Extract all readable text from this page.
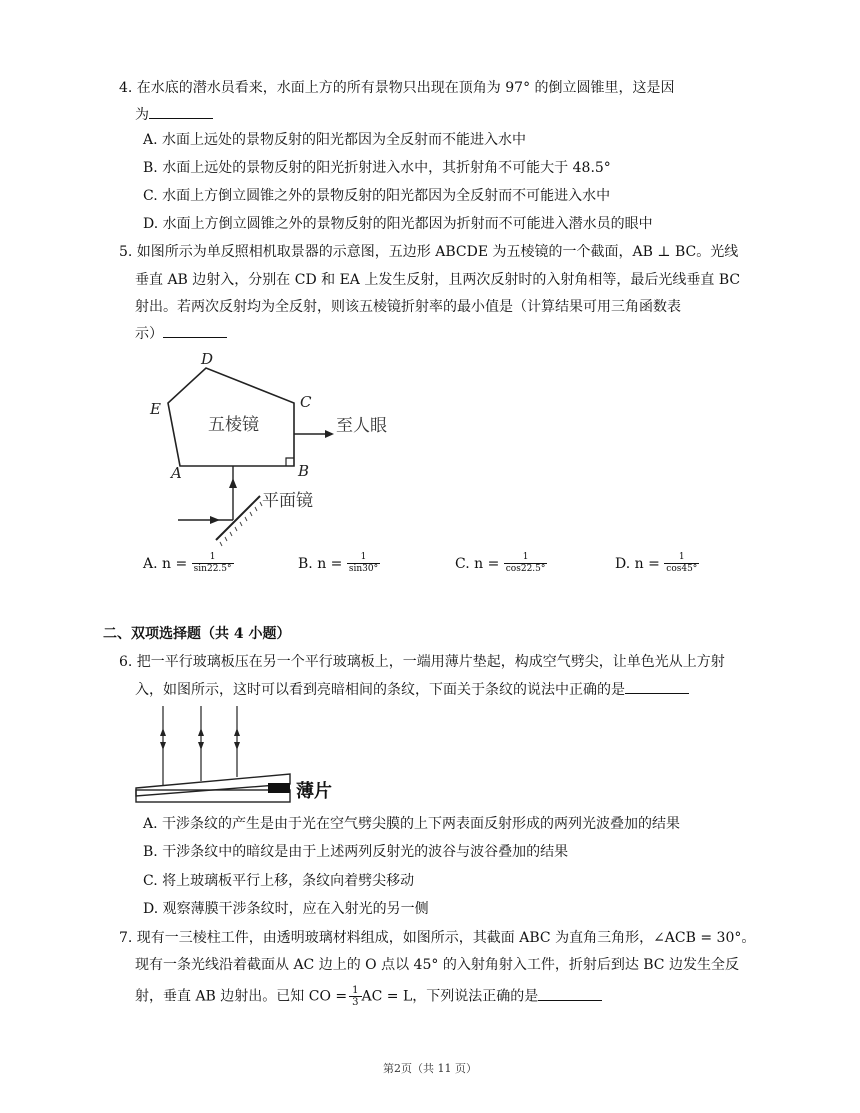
4. 在水底的潜水员看来，水面上方的所有景物只出现在顶角为 97° 的倒立圆锥里，这是因
为
A. 水面上远处的景物反射的阳光都因为全反射而不能进入水中
B. 水面上远处的景物反射的阳光折射进入水中，其折射角不可能大于 48.5°
C. 水面上方倒立圆锥之外的景物反射的阳光都因为全反射而不可能进入水中
D. 水面上方倒立圆锥之外的景物反射的阳光都因为折射而不可能进入潜水员的眼中
5. 如图所示为单反照相机取景器的示意图，五边形 ABCDE 为五棱镜的一个截面，AB ⊥ BC。光线
垂直 AB 边射入，分别在 CD 和 EA 上发生反射，且两次反射时的入射角相等，最后光线垂直 BC
射出。若两次反射均为全反射，则该五棱镜折射率的最小值是（计算结果可用三角函数表
示）
D
E	C
A	B
五棱镜	至人眼
平面镜
A. $n = \frac{1}{\sin 22.5^\circ}$	B. $n = \frac{1}{\sin 30^\circ}$	C. $n = \frac{1}{\cos 22.5^\circ}$	D. $n = \frac{1}{\cos 45^\circ}$
二、双项选择题（共 4 小题）
6. 把一平行玻璃板压在另一个平行玻璃板上，一端用薄片垫起，构成空气劈尖，让单色光从上方射
入，如图所示，这时可以看到亮暗相间的条纹，下面关于条纹的说法中正确的是
薄片
A. 干涉条纹的产生是由于光在空气劈尖膜的上下两表面反射形成的两列光波叠加的结果
B. 干涉条纹中的暗纹是由于上述两列反射光的波谷与波谷叠加的结果
C. 将上玻璃板平行上移，条纹向着劈尖移动
D. 观察薄膜干涉条纹时，应在入射光的另一侧
7. 现有一三棱柱工件，由透明玻璃材料组成，如图所示，其截面 ABC 为直角三角形，∠ACB = 30°。
现有一条光线沿着截面从 AC 边上的 O 点以 45° 的入射角射入工件，折射后到达 BC 边发生全反
射，垂直 AB 边射出。已知 CO = $\frac{1}{3}$ AC = L，下列说法正确的是
第2页（共 11 页）
